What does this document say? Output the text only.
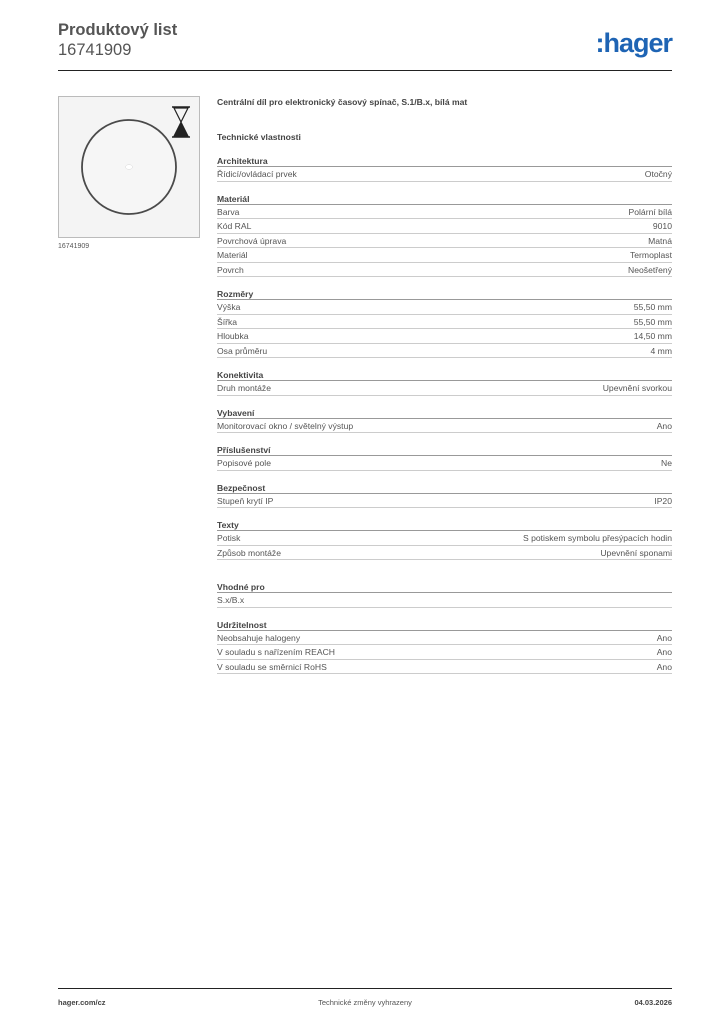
Produktový list
16741909	:hager
16741909
Centrální díl pro elektronický časový spínač, S.1/B.x, bílá mat
Technické vlastnosti
Architektura
Řídicí/ovládací prvek	Otočný
Materiál
Barva	Polární bílá
Kód RAL	9010
Povrchová úprava	Matná
Materiál	Termoplast
Povrch	Neošetřený
Rozměry
Výška	55,50 mm
Šířka	55,50 mm
Hloubka	14,50 mm
Osa průměru	4 mm
Konektivita
Druh montáže	Upevnění svorkou
Vybavení
Monitorovací okno / světelný výstup	Ano
Příslušenství
Popisové pole	Ne
Bezpečnost
Stupeň krytí IP	IP20
Texty
Potisk	S potiskem symbolu přesýpacích hodin
Způsob montáže	Upevnění sponami
Vhodné pro
S.x/B.x
Udržitelnost
Neobsahuje halogeny	Ano
V souladu s nařízením REACH	Ano
V souladu se směrnicí RoHS	Ano
hager.com/cz	Technické změny vyhrazeny	04.03.2026
